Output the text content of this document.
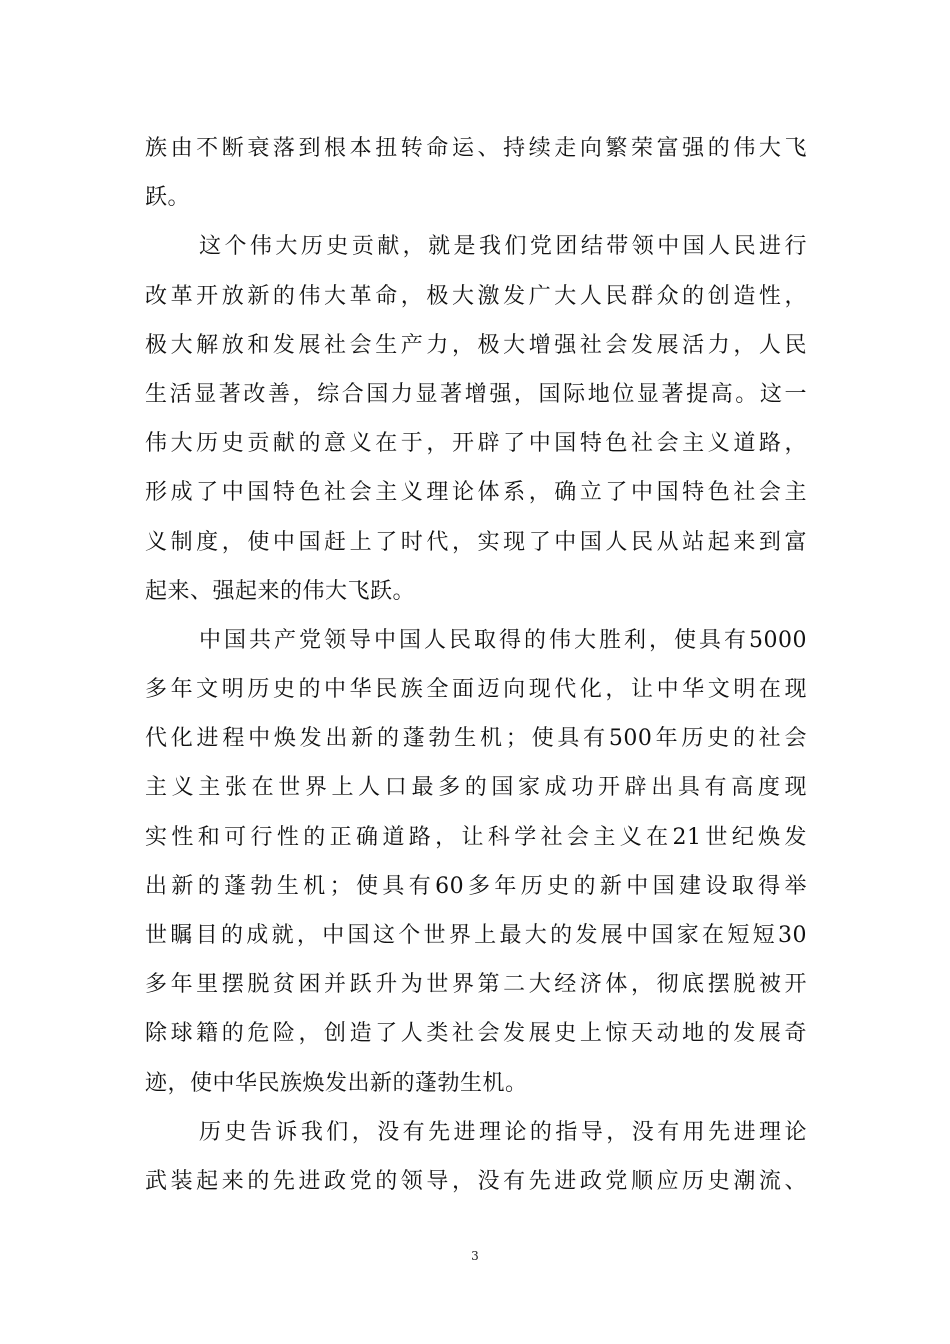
族由不断衰落到根本扭转命运、持续走向繁荣富强的伟大飞
跃。
这个伟大历史贡献，就是我们党团结带领中国人民进行
改革开放新的伟大革命，极大激发广大人民群众的创造性，
极大解放和发展社会生产力，极大增强社会发展活力，人民
生活显著改善，综合国力显著增强，国际地位显著提高。这一
伟大历史贡献的意义在于，开辟了中国特色社会主义道路，
形成了中国特色社会主义理论体系，确立了中国特色社会主
义制度，使中国赶上了时代，实现了中国人民从站起来到富
起来、强起来的伟大飞跃。
中国共产党领导中国人民取得的伟大胜利，使具有5000
多年文明历史的中华民族全面迈向现代化，让中华文明在现
代化进程中焕发出新的蓬勃生机；使具有500年历史的社会
主义主张在世界上人口最多的国家成功开辟出具有高度现
实性和可行性的正确道路，让科学社会主义在21世纪焕发
出新的蓬勃生机；使具有60多年历史的新中国建设取得举
世瞩目的成就，中国这个世界上最大的发展中国家在短短30
多年里摆脱贫困并跃升为世界第二大经济体，彻底摆脱被开
除球籍的危险，创造了人类社会发展史上惊天动地的发展奇
迹，使中华民族焕发出新的蓬勃生机。
历史告诉我们，没有先进理论的指导，没有用先进理论
武装起来的先进政党的领导，没有先进政党顺应历史潮流、
3
